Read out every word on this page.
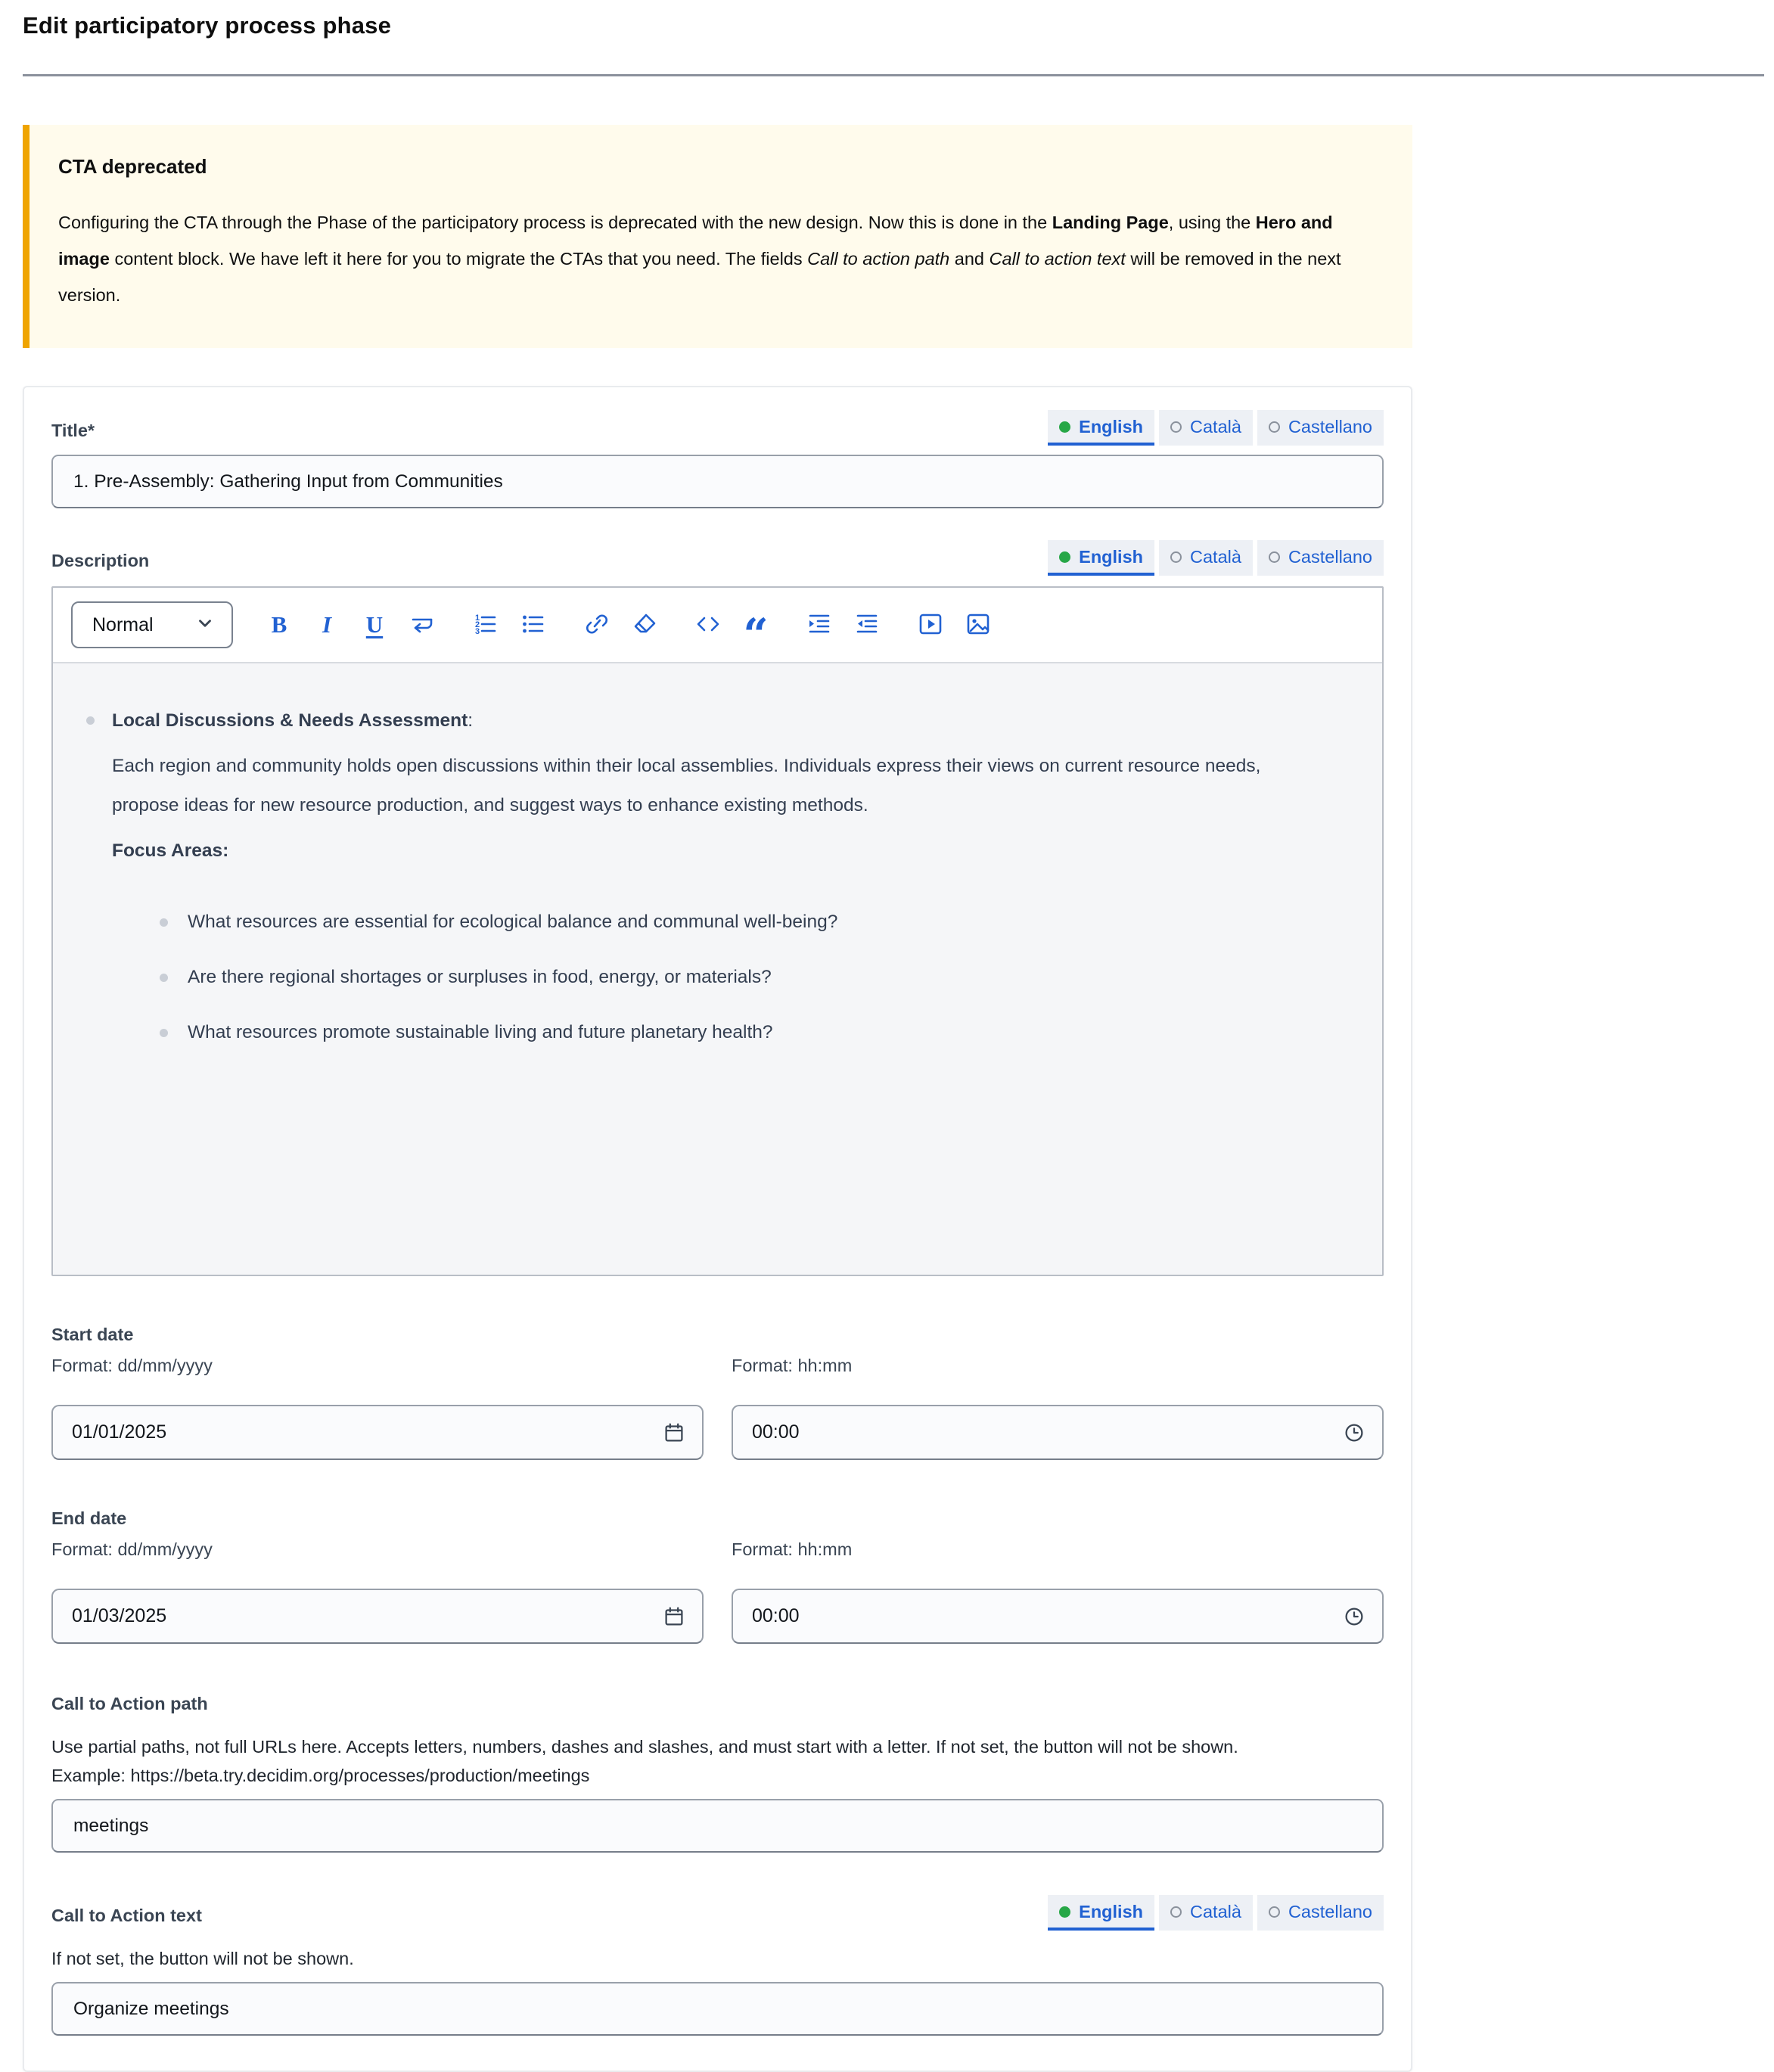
Edit participatory process phase
CTA deprecated

Configuring the CTA through the Phase of the participatory process is deprecated with the new design. Now this is done in the Landing Page, using the Hero and image content block. We have left it here for you to migrate the CTAs that you need. The fields Call to action path and Call to action text will be removed in the next version.

Title*	English	Català	Castellano
1. Pre-Assembly: Gathering Input from Communities
Description	English	Català	Castellano
Normal	B I U	1
2
3	“
Local Discussions & Needs Assessment:
Each region and community holds open discussions within their local assemblies. Individuals express their views on current resource needs, propose ideas for new resource production, and suggest ways to enhance existing methods.
Focus Areas:
What resources are essential for ecological balance and communal well-being?
Are there regional shortages or surpluses in food, energy, or materials?
What resources promote sustainable living and future planetary health?
Start date
Format: dd/mm/yyyy	Format: hh:mm
01/01/2025
00:00
End date
Format: dd/mm/yyyy	Format: hh:mm
01/03/2025
00:00
Call to Action path
Use partial paths, not full URLs here. Accepts letters, numbers, dashes and slashes, and must start with a letter. If not set, the button will not be shown.
Example: https://beta.try.decidim.org/processes/production/meetings
meetings
Call to Action text	English	Català	Castellano
If not set, the button will not be shown.
Organize meetings
